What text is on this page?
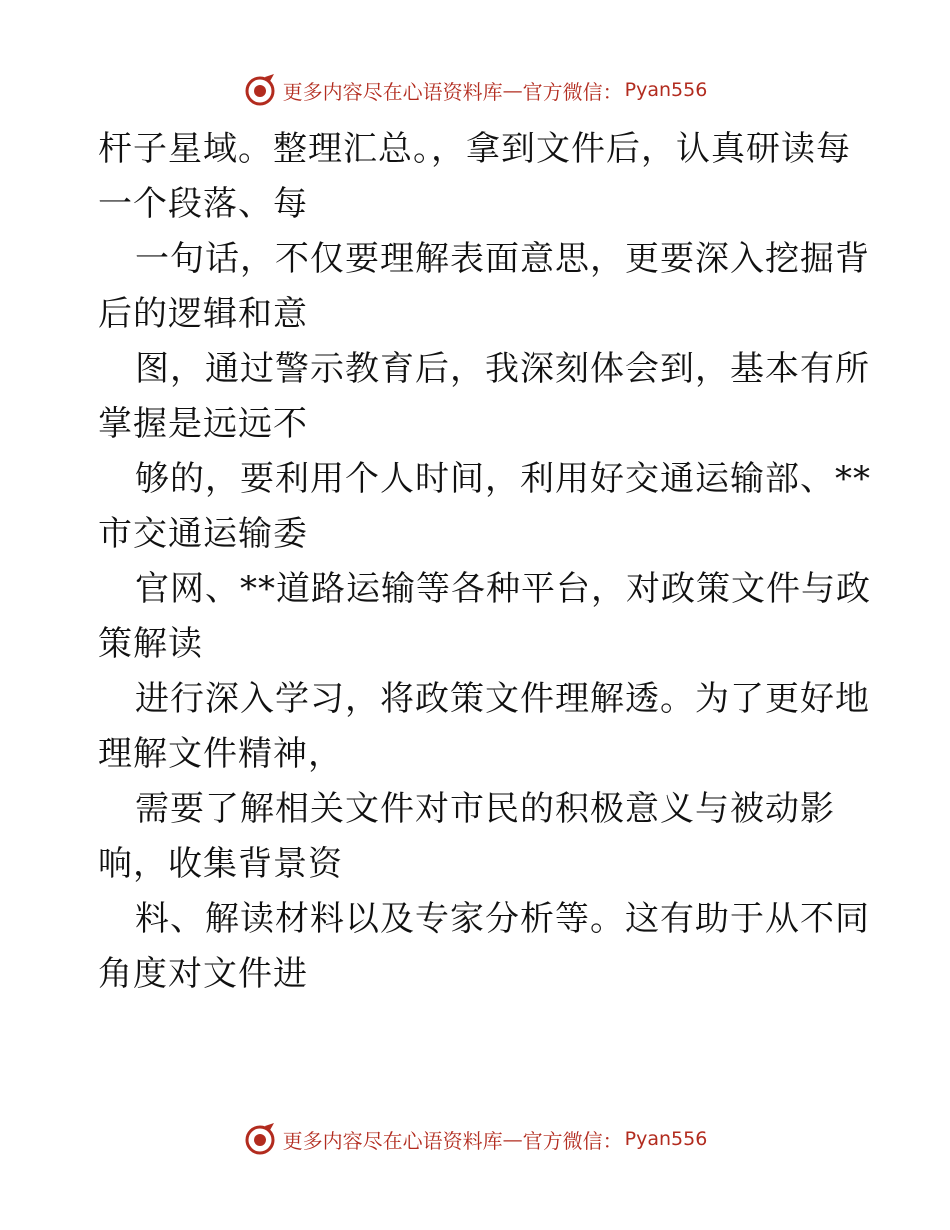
更多内容尽在心语资料库 — 官方微信： Pyan556
杆子星域。整理汇总。，拿到文件后，认真研读每
一个段落、每
一句话，不仅要理解表面意思，更要深入挖掘背
后的逻辑和意
图，通过警示教育后，我深刻体会到，基本有所
掌握是远远不
够的，要利用个人时间，利用好交通运输部、**
市交通运输委
官网、**道路运输等各种平台，对政策文件与政
策解读
进行深入学习，将政策文件理解透。为了更好地
理解文件精神，
需要了解相关文件对市民的积极意义与被动影
响，收集背景资
料、解读材料以及专家分析等。这有助于从不同
角度对文件进
更多内容尽在心语资料库 — 官方微信： Pyan556
